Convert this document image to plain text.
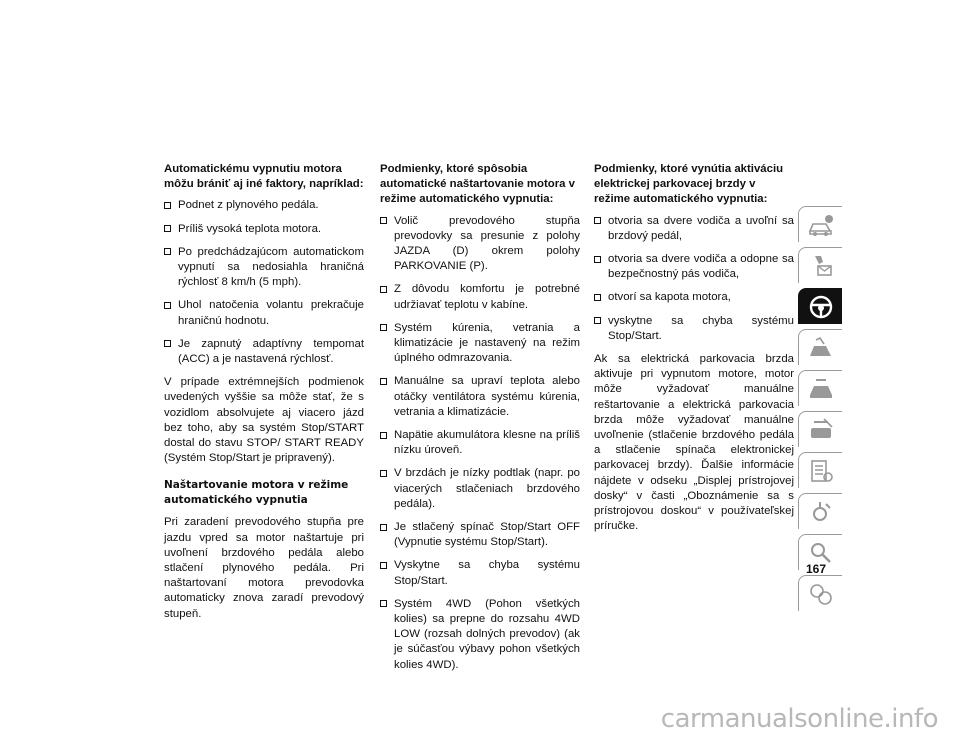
Automatickému vypnutiu motora môžu brániť aj iné faktory, napríklad:
Podnet z plynového pedála.
Príliš vysoká teplota motora.
Po predchádzajúcom automatickom vypnutí sa nedosiahla hraničná rýchlosť 8 km/h (5 mph).
Uhol natočenia volantu prekračuje hraničnú hodnotu.
Je zapnutý adaptívny tempomat (ACC) a je nastavená rýchlosť.

V prípade extrémnejších podmienok uvedených vyššie sa môže stať, že s vozidlom absolvujete aj viacero jázd bez toho, aby sa systém Stop/START dostal do stavu STOP/ START READY (Systém Stop/Start je pripravený).

Naštartovanie motora v režime automatického vypnutia

Pri zaradení prevodového stupňa pre jazdu vpred sa motor naštartuje pri uvoľnení brzdového pedála alebo stlačení plynového pedála. Pri naštartovaní motora prevodovka automaticky znova zaradí prevodový stupeň.

Podmienky, ktoré spôsobia automatické naštartovanie motora v režime automatického vypnutia:
Volič prevodového stupňa prevodovky sa presunie z polohy JAZDA (D) okrem polohy PARKOVANIE (P).
Z dôvodu komfortu je potrebné udržiavať teplotu v kabíne.
Systém kúrenia, vetrania a klimatizácie je nastavený na režim úplného odmrazovania.
Manuálne sa upraví teplota alebo otáčky ventilátora systému kúrenia, vetrania a klimatizácie.
Napätie akumulátora klesne na príliš nízku úroveň.
V brzdách je nízky podtlak (napr. po viacerých stlačeniach brzdového pedála).
Je stlačený spínač Stop/Start OFF (Vypnutie systému Stop/Start).
Vyskytne sa chyba systému Stop/Start.
Systém 4WD (Pohon všetkých kolies) sa prepne do rozsahu 4WD LOW (rozsah dolných prevodov) (ak je súčasťou výbavy pohon všetkých kolies 4WD).
Podmienky, ktoré vynútia aktiváciu elektrickej parkovacej brzdy v režime automatického vypnutia:
otvoria sa dvere vodiča a uvoľní sa brzdový pedál,
otvoria sa dvere vodiča a odopne sa bezpečnostný pás vodiča,
otvorí sa kapota motora,
vyskytne sa chyba systému Stop/Start.

Ak sa elektrická parkovacia brzda aktivuje pri vypnutom motore, motor môže vyžadovať manuálne reštartovanie a elektrická parkovacia brzda môže vyžadovať manuálne uvoľnenie (stlačenie brzdového pedála a stlačenie spínača elektronickej parkovacej brzdy). Ďalšie informácie nájdete v odseku „Displej prístrojovej dosky“ v časti „Oboznámenie sa s prístrojovou doskou“ v používateľskej príručke.

167
carmanualsonline.info
